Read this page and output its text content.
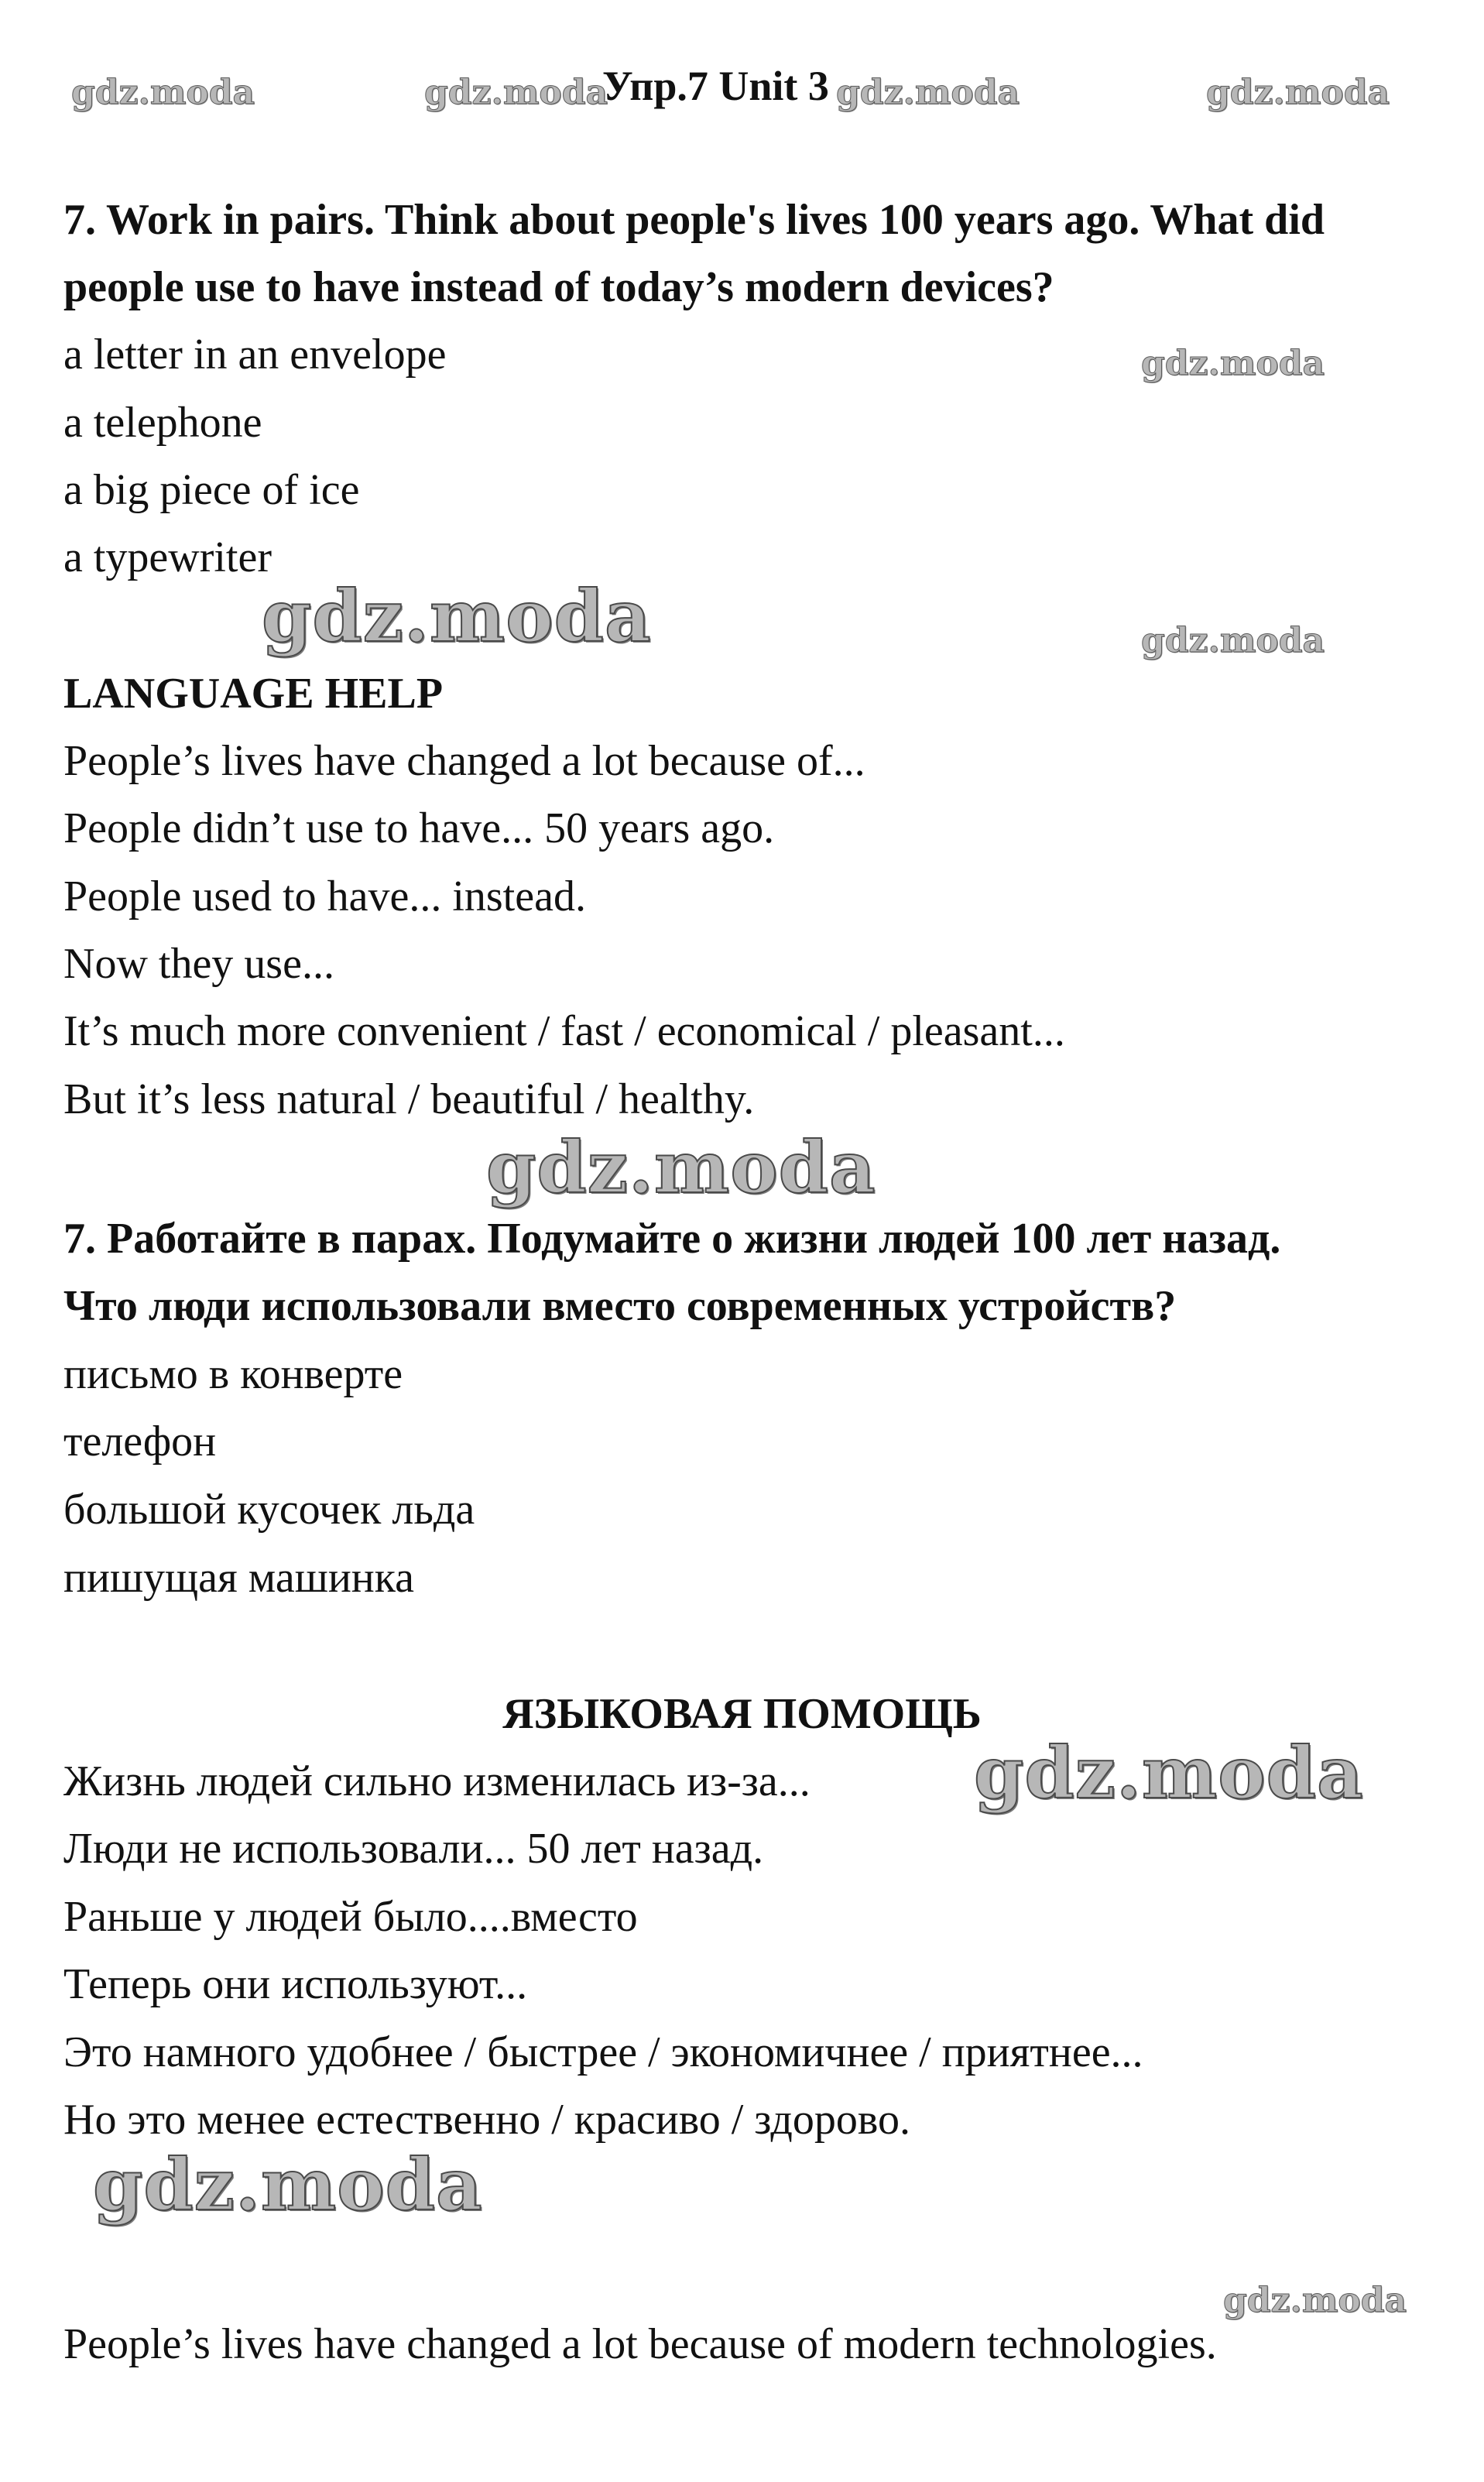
gdz.moda	gdz.moda
Упр.7 Unit 3 gdz.moda	gdz.moda
7. Work in pairs. Think about people's lives 100 years ago. What did
people use to have instead of today’s modern devices?
a letter in an envelope	gdz.moda
a telephone
a big piece of ice
a typewriter
gdz.moda	gdz.moda
LANGUAGE HELP
People’s lives have changed a lot because of...
People didn’t use to have... 50 years ago.
People used to have... instead.
Now they use...
It’s much more convenient / fast / economical / pleasant...
But it’s less natural / beautiful / healthy.
gdz.moda
7. Работайте в парах. Подумайте о жизни людей 100 лет назад.
Что люди использовали вместо современных устройств?
письмо в конверте
телефон
большой кусочек льда
пишущая машинка
ЯЗЫКОВАЯ ПОМОЩЬ
Жизнь людей сильно изменилась из-за... gdz.moda
Люди не использовали... 50 лет назад.
Раньше у людей было....вместо
Теперь они используют...
Это намного удобнее / быстрее / экономичнее / приятнее...
Но это менее естественно / красиво / здорово.
gdz.moda
gdz.moda
People’s lives have changed a lot because of modern technologies.
